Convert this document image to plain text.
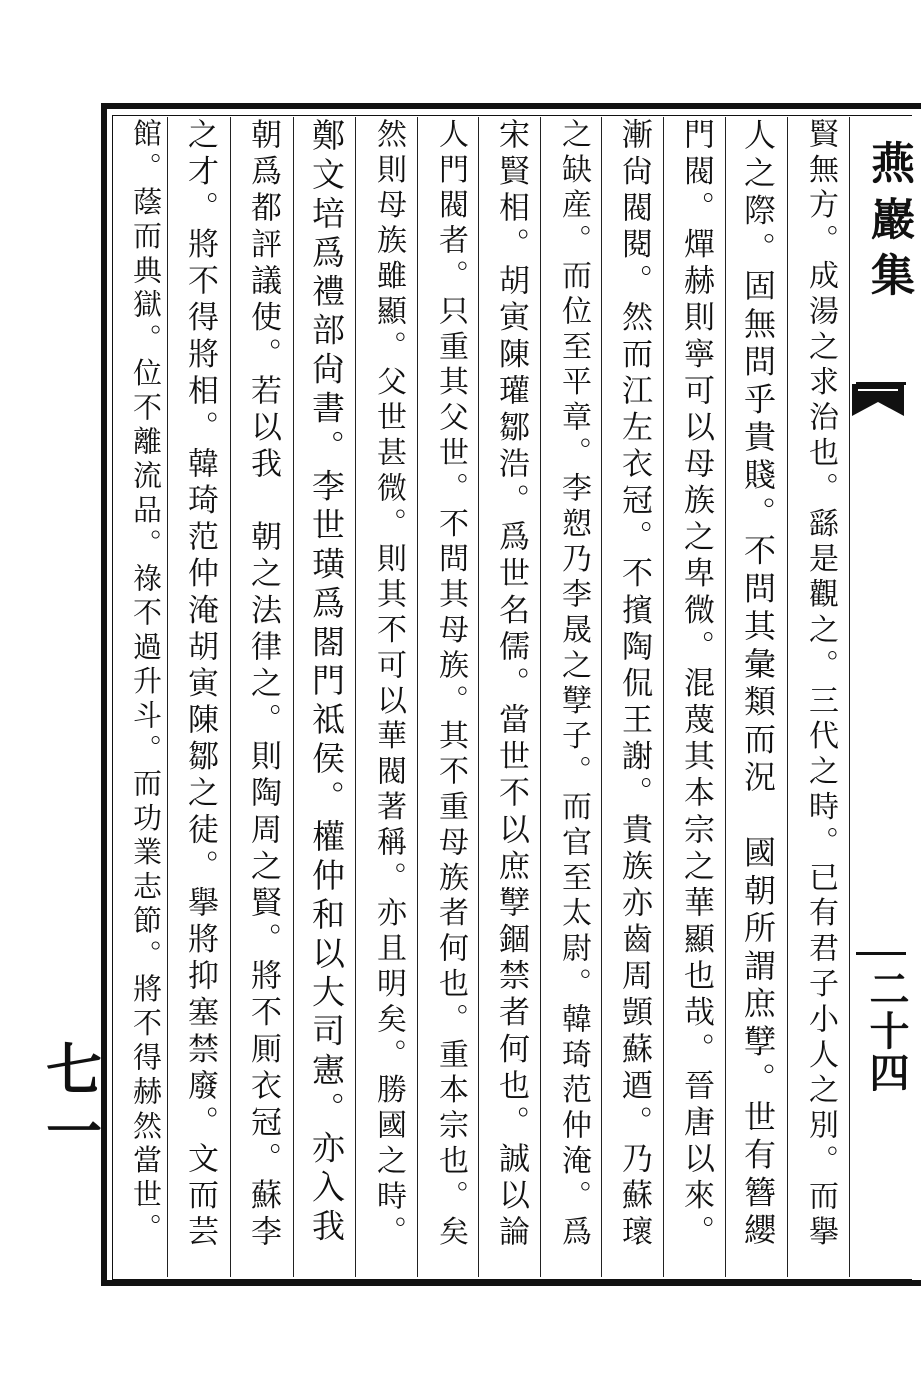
賢無方。成湯之求治也。繇是觀之。三代之時。已有君子小人之別。而擧
人之際。固無問乎貴賤。不問其彙類而況　國朝所謂庶孼。世有簪纓
門閥。燀赫則寧可以母族之卑微。混蔑其本宗之華顯也哉。晉唐以來。
漸尙閥閱。然而江左衣冠。不擯陶侃王謝。貴族亦齒周顗蘇逎。乃蘇瓌
之缺産。而位至平章。李愬乃李晟之孼子。而官至太尉。韓琦范仲淹。爲
宋賢相。胡寅陳瓘鄒浩。爲世名儒。當世不以庶孼錮禁者何也。誠以論
人門閥者。只重其父世。不問其母族。其不重母族者何也。重本宗也。矣
然則母族雖顯。父世甚微。則其不可以華閥著稱。亦且明矣。勝國之時。
鄭文培爲禮部尙書。李世璜爲閤門祗侯。權仲和以大司憲。亦入我
朝爲都評議使。若以我　朝之法律之。則陶周之賢。將不厠衣冠。蘇李
之才。將不得將相。韓琦范仲淹胡寅陳鄒之徒。擧將抑塞禁廢。文而芸
館。蔭而典獄。位不離流品。祿不過升斗。而功業志節。將不得赫然當世。	燕巖集
二十四
七一
